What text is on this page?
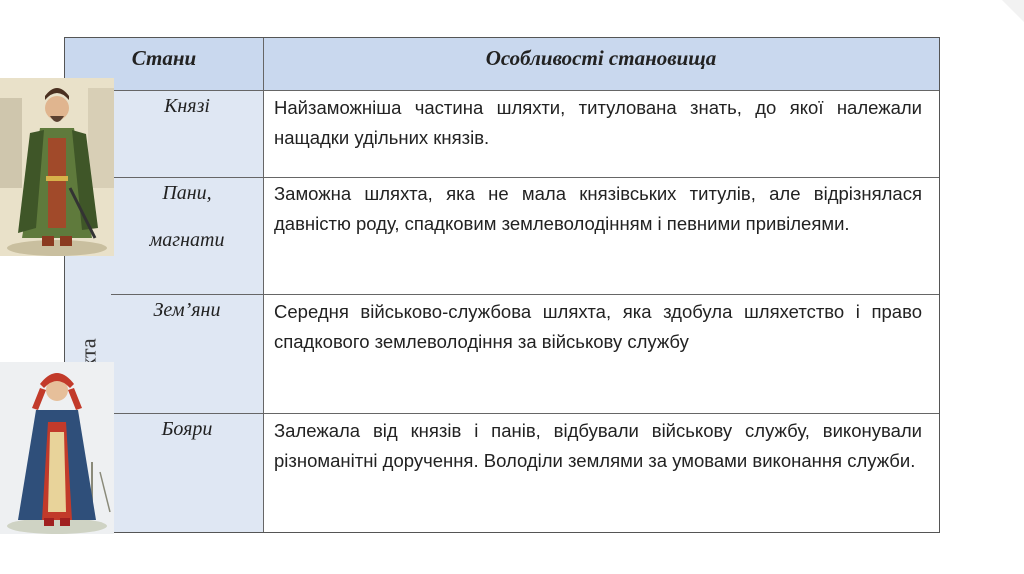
Стани	Особливості становища
Князі
Пани,
магнати
Зем’яни
Бояри
Найзаможніша частина шляхти, титулована знать, до якої належали нащадки удільних князів.
Заможна шляхта, яка не мала князівських титулів, але відрізнялася давністю роду, спадковим землеволодінням і певними привілеями.
Середня військово-службова шляхта, яка здобула шляхетство і право спадкового землеволодіння за військову службу
Залежала від князів і панів, відбували військову службу, виконували різноманітні доручення. Володіли землями за умовами виконання служби.
